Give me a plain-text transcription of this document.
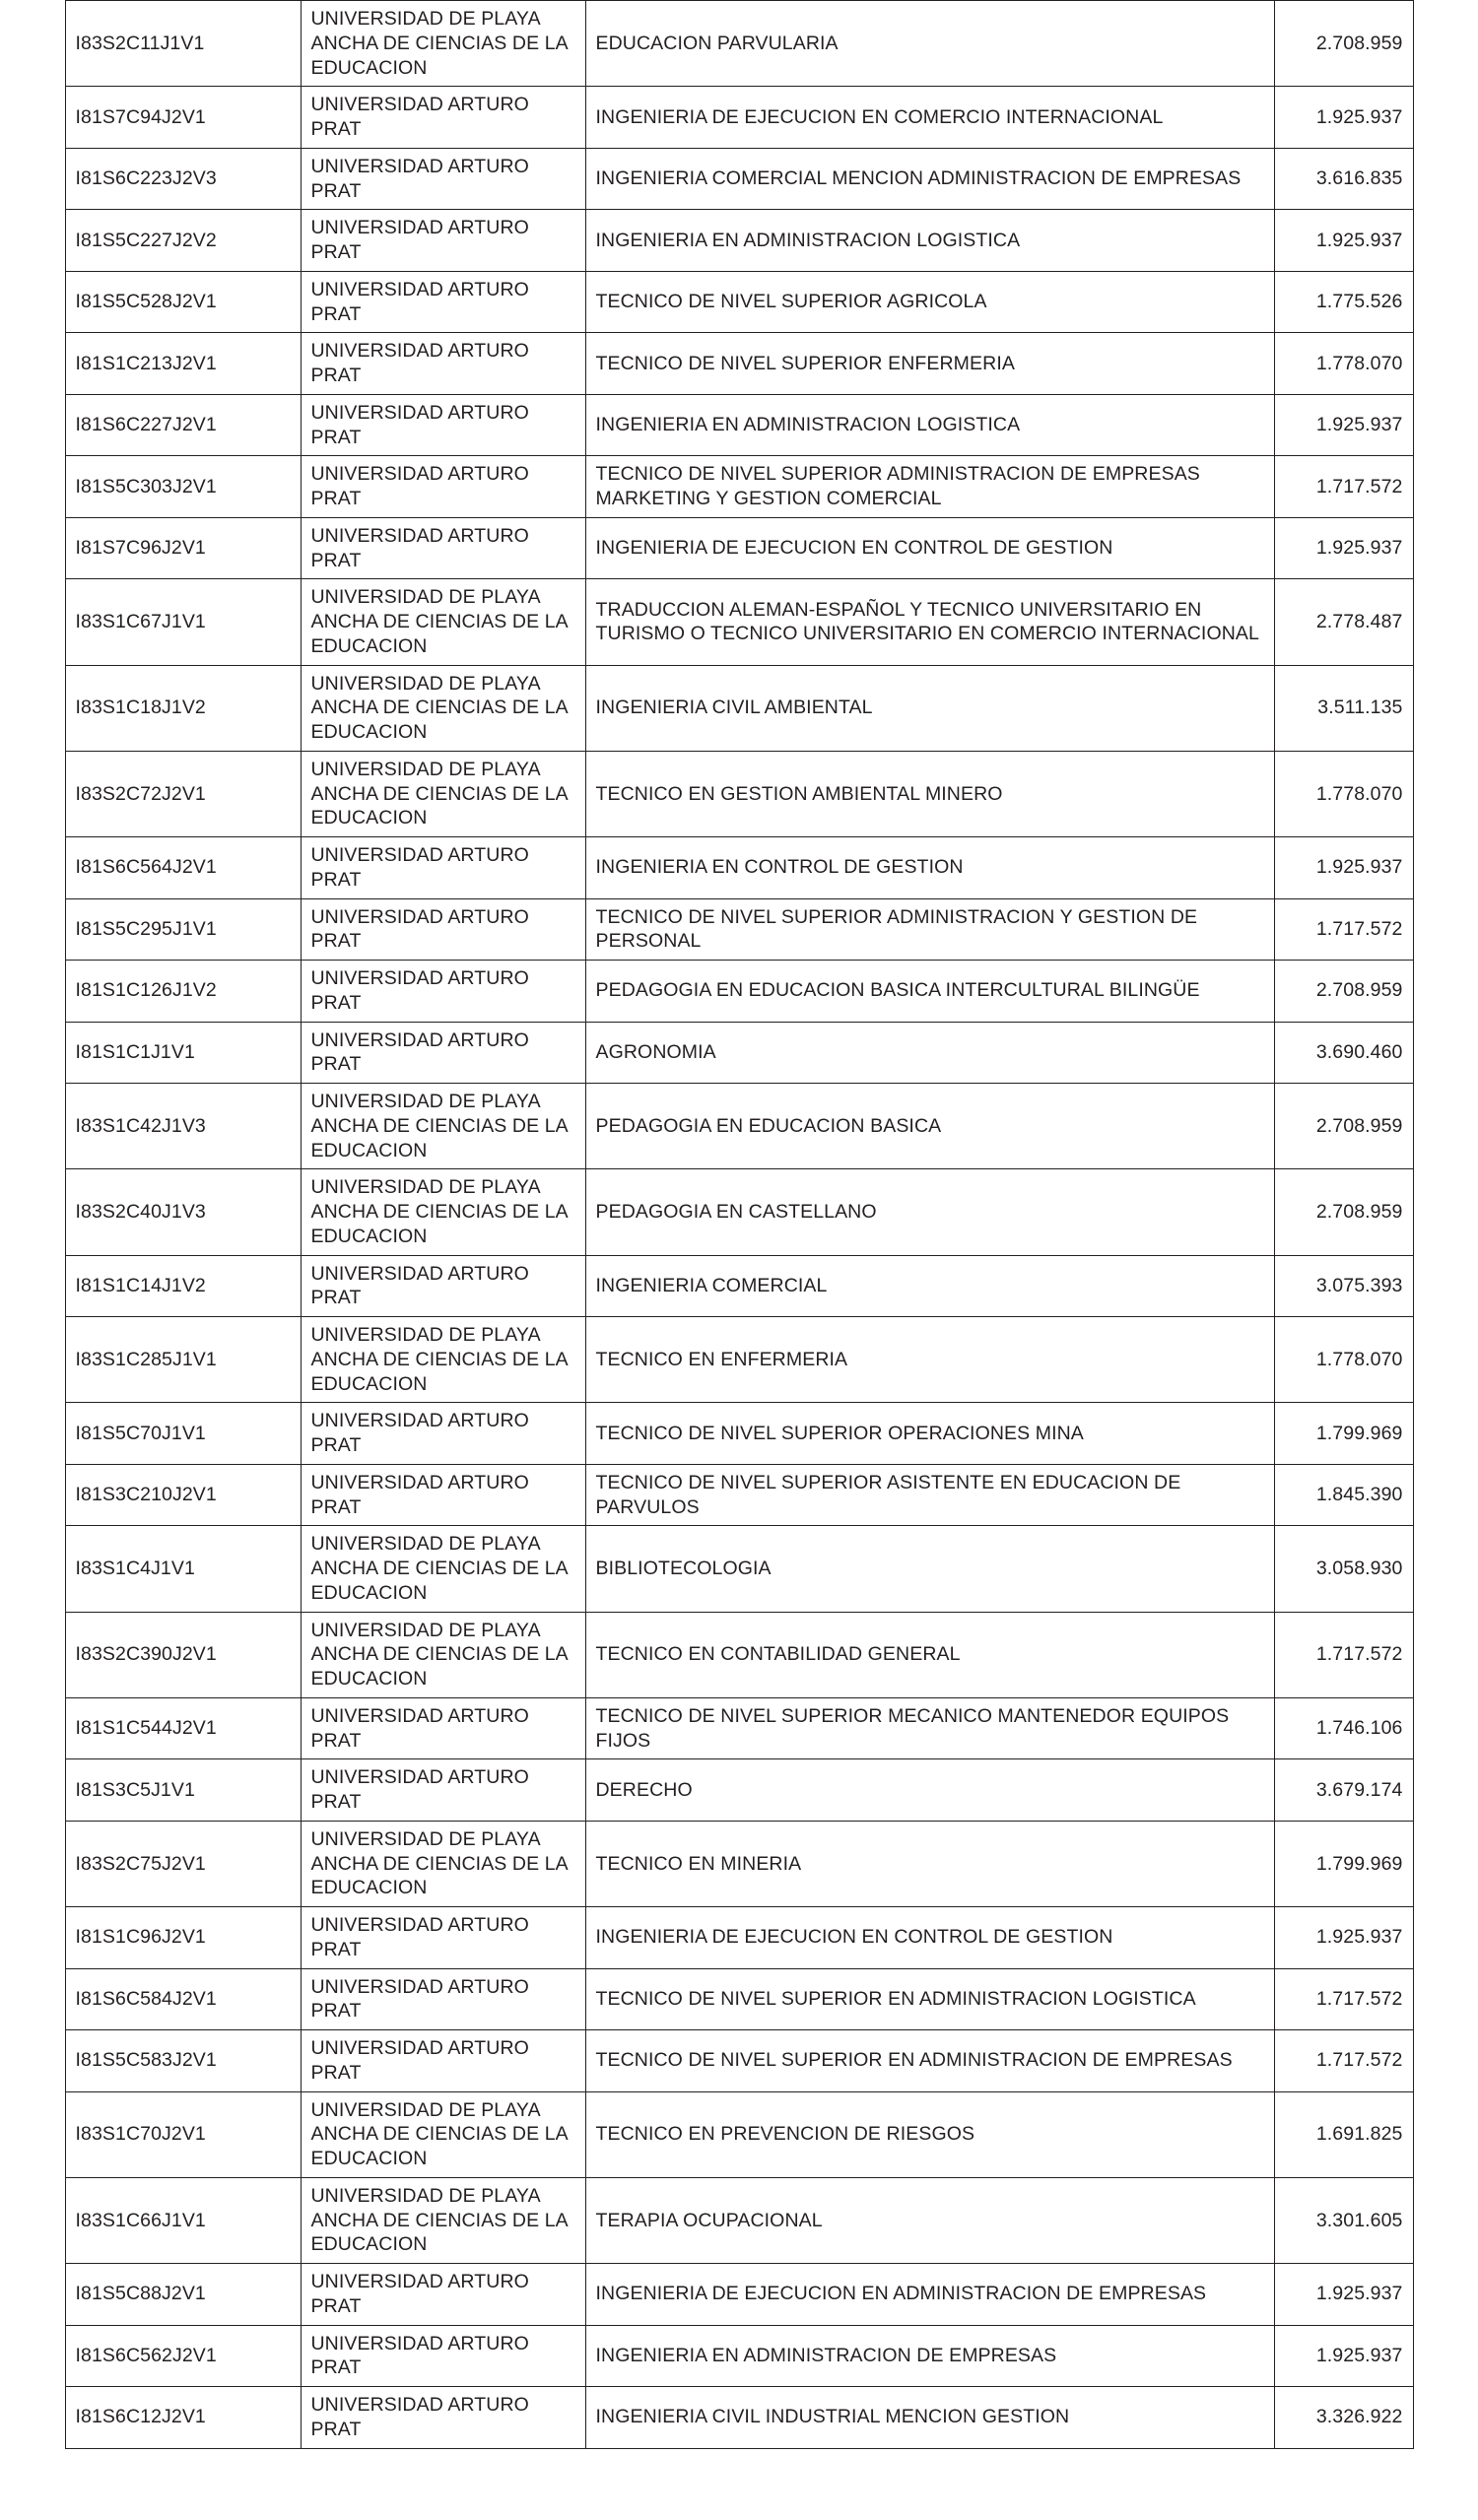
I83S2C11J1V1	UNIVERSIDAD DE PLAYA ANCHA DE CIENCIAS DE LA EDUCACION	EDUCACION PARVULARIA	2.708.959
I81S7C94J2V1	UNIVERSIDAD ARTURO PRAT	INGENIERIA DE EJECUCION EN COMERCIO INTERNACIONAL	1.925.937
I81S6C223J2V3	UNIVERSIDAD ARTURO PRAT	INGENIERIA COMERCIAL MENCION ADMINISTRACION DE EMPRESAS	3.616.835
I81S5C227J2V2	UNIVERSIDAD ARTURO PRAT	INGENIERIA EN ADMINISTRACION LOGISTICA	1.925.937
I81S5C528J2V1	UNIVERSIDAD ARTURO PRAT	TECNICO DE NIVEL SUPERIOR AGRICOLA	1.775.526
I81S1C213J2V1	UNIVERSIDAD ARTURO PRAT	TECNICO DE NIVEL SUPERIOR ENFERMERIA	1.778.070
I81S6C227J2V1	UNIVERSIDAD ARTURO PRAT	INGENIERIA EN ADMINISTRACION LOGISTICA	1.925.937
I81S5C303J2V1	UNIVERSIDAD ARTURO PRAT	TECNICO DE NIVEL SUPERIOR ADMINISTRACION DE EMPRESAS MARKETING Y GESTION COMERCIAL	1.717.572
I81S7C96J2V1	UNIVERSIDAD ARTURO PRAT	INGENIERIA DE EJECUCION EN CONTROL DE GESTION	1.925.937
I83S1C67J1V1	UNIVERSIDAD DE PLAYA ANCHA DE CIENCIAS DE LA EDUCACION	TRADUCCION ALEMAN-ESPAÑOL Y TECNICO UNIVERSITARIO EN TURISMO O TECNICO UNIVERSITARIO EN COMERCIO INTERNACIONAL	2.778.487
I83S1C18J1V2	UNIVERSIDAD DE PLAYA ANCHA DE CIENCIAS DE LA EDUCACION	INGENIERIA CIVIL AMBIENTAL	3.511.135
I83S2C72J2V1	UNIVERSIDAD DE PLAYA ANCHA DE CIENCIAS DE LA EDUCACION	TECNICO EN GESTION AMBIENTAL MINERO	1.778.070
I81S6C564J2V1	UNIVERSIDAD ARTURO PRAT	INGENIERIA EN CONTROL DE GESTION	1.925.937
I81S5C295J1V1	UNIVERSIDAD ARTURO PRAT	TECNICO DE NIVEL SUPERIOR ADMINISTRACION Y GESTION DE PERSONAL	1.717.572
I81S1C126J1V2	UNIVERSIDAD ARTURO PRAT	PEDAGOGIA EN EDUCACION BASICA INTERCULTURAL BILINGÜE	2.708.959
I81S1C1J1V1	UNIVERSIDAD ARTURO PRAT	AGRONOMIA	3.690.460
I83S1C42J1V3	UNIVERSIDAD DE PLAYA ANCHA DE CIENCIAS DE LA EDUCACION	PEDAGOGIA EN EDUCACION BASICA	2.708.959
I83S2C40J1V3	UNIVERSIDAD DE PLAYA ANCHA DE CIENCIAS DE LA EDUCACION	PEDAGOGIA EN CASTELLANO	2.708.959
I81S1C14J1V2	UNIVERSIDAD ARTURO PRAT	INGENIERIA COMERCIAL	3.075.393
I83S1C285J1V1	UNIVERSIDAD DE PLAYA ANCHA DE CIENCIAS DE LA EDUCACION	TECNICO EN ENFERMERIA	1.778.070
I81S5C70J1V1	UNIVERSIDAD ARTURO PRAT	TECNICO DE NIVEL SUPERIOR OPERACIONES MINA	1.799.969
I81S3C210J2V1	UNIVERSIDAD ARTURO PRAT	TECNICO DE NIVEL SUPERIOR ASISTENTE EN EDUCACION DE PARVULOS	1.845.390
I83S1C4J1V1	UNIVERSIDAD DE PLAYA ANCHA DE CIENCIAS DE LA EDUCACION	BIBLIOTECOLOGIA	3.058.930
I83S2C390J2V1	UNIVERSIDAD DE PLAYA ANCHA DE CIENCIAS DE LA EDUCACION	TECNICO EN CONTABILIDAD GENERAL	1.717.572
I81S1C544J2V1	UNIVERSIDAD ARTURO PRAT	TECNICO DE NIVEL SUPERIOR MECANICO MANTENEDOR EQUIPOS FIJOS	1.746.106
I81S3C5J1V1	UNIVERSIDAD ARTURO PRAT	DERECHO	3.679.174
I83S2C75J2V1	UNIVERSIDAD DE PLAYA ANCHA DE CIENCIAS DE LA EDUCACION	TECNICO EN MINERIA	1.799.969
I81S1C96J2V1	UNIVERSIDAD ARTURO PRAT	INGENIERIA DE EJECUCION EN CONTROL DE GESTION	1.925.937
I81S6C584J2V1	UNIVERSIDAD ARTURO PRAT	TECNICO DE NIVEL SUPERIOR EN ADMINISTRACION LOGISTICA	1.717.572
I81S5C583J2V1	UNIVERSIDAD ARTURO PRAT	TECNICO DE NIVEL SUPERIOR EN ADMINISTRACION DE EMPRESAS	1.717.572
I83S1C70J2V1	UNIVERSIDAD DE PLAYA ANCHA DE CIENCIAS DE LA EDUCACION	TECNICO EN PREVENCION DE RIESGOS	1.691.825
I83S1C66J1V1	UNIVERSIDAD DE PLAYA ANCHA DE CIENCIAS DE LA EDUCACION	TERAPIA OCUPACIONAL	3.301.605
I81S5C88J2V1	UNIVERSIDAD ARTURO PRAT	INGENIERIA DE EJECUCION EN ADMINISTRACION DE EMPRESAS	1.925.937
I81S6C562J2V1	UNIVERSIDAD ARTURO PRAT	INGENIERIA EN ADMINISTRACION DE EMPRESAS	1.925.937
I81S6C12J2V1	UNIVERSIDAD ARTURO PRAT	INGENIERIA CIVIL INDUSTRIAL MENCION GESTION	3.326.922
